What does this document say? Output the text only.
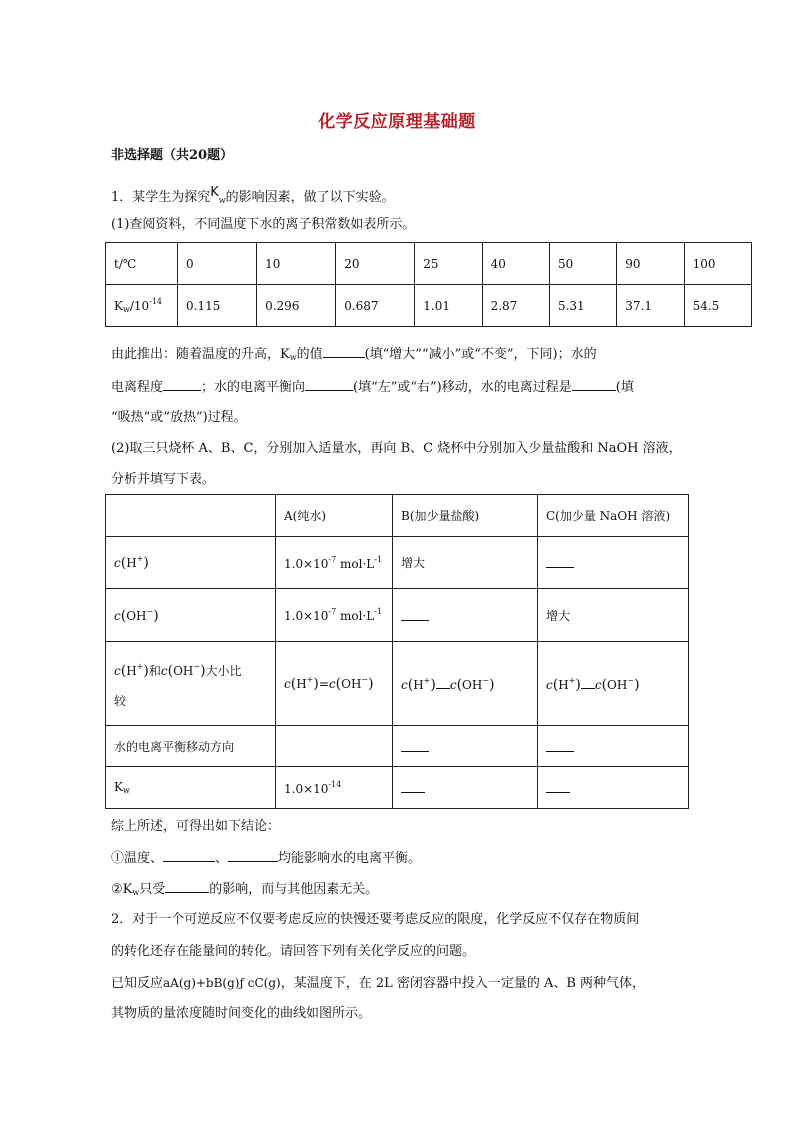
化学反应原理基础题
非选择题（共20题）
1．某学生为探究$K_w$的影响因素，做了以下实验。
(1)查阅资料，不同温度下水的离子积常数如表所示。
t/℃	0	10	20	25	40	50	90	100
$K_w/10^{-14}$	0.115	0.296	0.687	1.01	2.87	5.31	37.1	54.5
由此推出：随着温度的升高，$K_w$的值	(填“增大”“减小”或“不变”，下同)；水的
电离程度	；水的电离平衡向	(填“左”或“右”)移动，水的电离过程是	(填
“吸热”或“放热”)过程。
(2)取三只烧杯 A、B、C，分别加入适量水，再向 B、C 烧杯中分别加入少量盐酸和 NaOH 溶液，
分析并填写下表。
	A(纯水)	B(加少量盐酸)	C(加少量 NaOH 溶液)
c(H+)	$1.0\times 10^{-7}$ $mol\cdot L^{-1}$	增大	
c(OH−)	$1.0\times 10^{-7}$ $mol\cdot L^{-1}$		增大
c(H+)和c(OH−)大小比
较	c(H+)=c(OH−)	c(H+) c(OH−)	c(H+) c(OH−)
水的电离平衡移动方向			
$K_w$	$1.0\times 10^{-14}$		
综上所述，可得出如下结论：
①温度、	、	均能影响水的电离平衡。
$②K_w$只受	的影响，而与其他因素无关。
2．对于一个可逆反应不仅要考虑反应的快慢还要考虑反应的限度，化学反应不仅存在物质间
的转化还存在能量间的转化。请回答下列有关化学反应的问题。
已知反应aA(g)+bB(g)ƒ cC(g)，某温度下，在 2L 密闭容器中投入一定量的 A、B 两种气体，
其物质的量浓度随时间变化的曲线如图所示。
